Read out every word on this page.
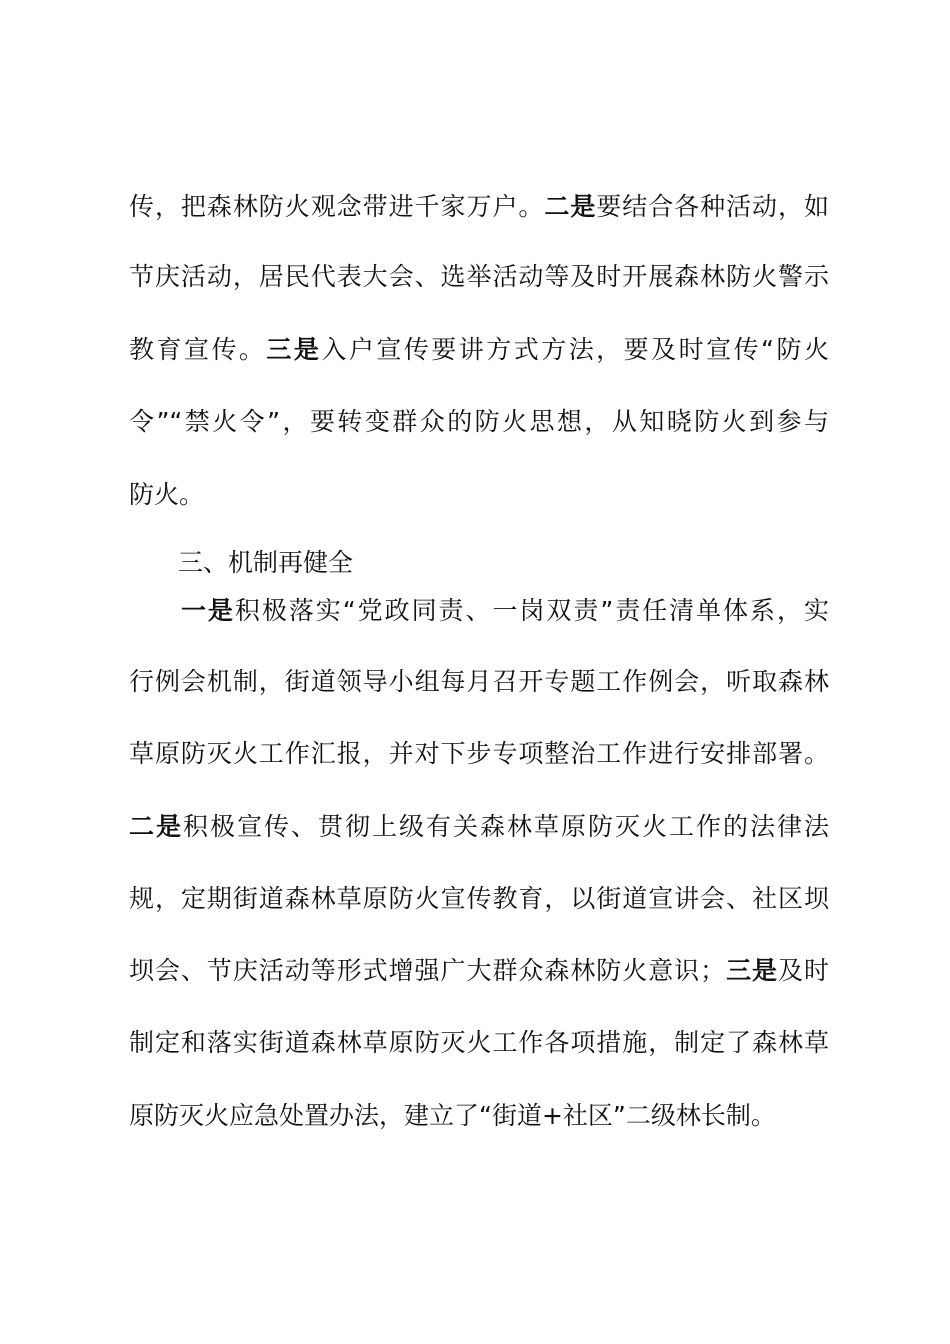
传，把森林防火观念带进千家万户。二是要结合各种活动，如
节庆活动，居民代表大会、选举活动等及时开展森林防火警示
教育宣传。三是入户宣传要讲方式方法，要及时宣传“防火
令”“禁火令”，要转变群众的防火思想，从知晓防火到参与
防火。
三、机制再健全
一是积极落实“党政同责、一岗双责”责任清单体系，实
行例会机制，街道领导小组每月召开专题工作例会，听取森林
草原防灭火工作汇报，并对下步专项整治工作进行安排部署。
二是积极宣传、贯彻上级有关森林草原防灭火工作的法律法
规，定期街道森林草原防火宣传教育，以街道宣讲会、社区坝
坝会、节庆活动等形式增强广大群众森林防火意识；三是及时
制定和落实街道森林草原防灭火工作各项措施，制定了森林草
原防灭火应急处置办法，建立了“街道+社区”二级林长制。
